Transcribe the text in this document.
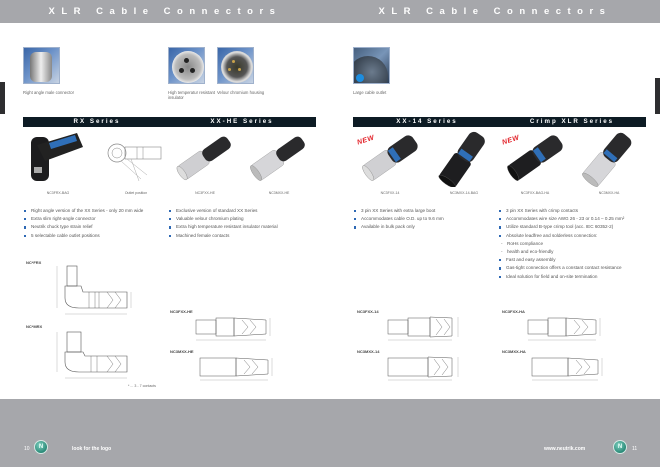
XLR Cable Connectors
Right angle male connector	High temperatur resistant insulator
Velour chromium housing
RX Series
NC3FRX-BAG	Outlet position
Right angle version of the XX Series - only 20 mm wide
Extra slim right-angle connector
Neutrik chuck type strain relief
5 selectable cable outlet positions
NC*FRX
NC*MRX
* ... 3 - 7 contacts
XX-HE Series
NC3FXX-HE	NC3MXX-HE
Exclusive version of standard XX Series
Valuable velour chromium plating
Extra high temperature resistant insulator material
Machined female contacts
NC3FXX-HE
NC3MXX-HE
10	N	look for the logo
XLR Cable Connectors
Large cable outlet
XX-14 Series
NEW
NC3FXX-14	NC3MXX-14-BAG
3 pin XX Series with extra large boot
Accommodates cable O.D. up to 9.6 mm
Available in bulk pack only
NC3FXX-14
NC3MXX-14
Crimp XLR Series
NEW
NC3FXX-BAG-HA	NC3MXX-HA
3 pin XX Series with crimp contacts
Accommodates wire size AWG 26 - 23 or 0.14 – 0.25 mm²
Utilize standard B-type crimp tool (acc. IEC 60352-2)
Absolute leadfree and solderless connection:
- RoHs compliance
- health and eco-friendly
Fast and easy assembly
Gas-tight connection offers a constant contact resistance
Ideal solution for field and on-site termination
NC3FXX-HA
NC3MXX-HA
www.neutrik.com	N	11
